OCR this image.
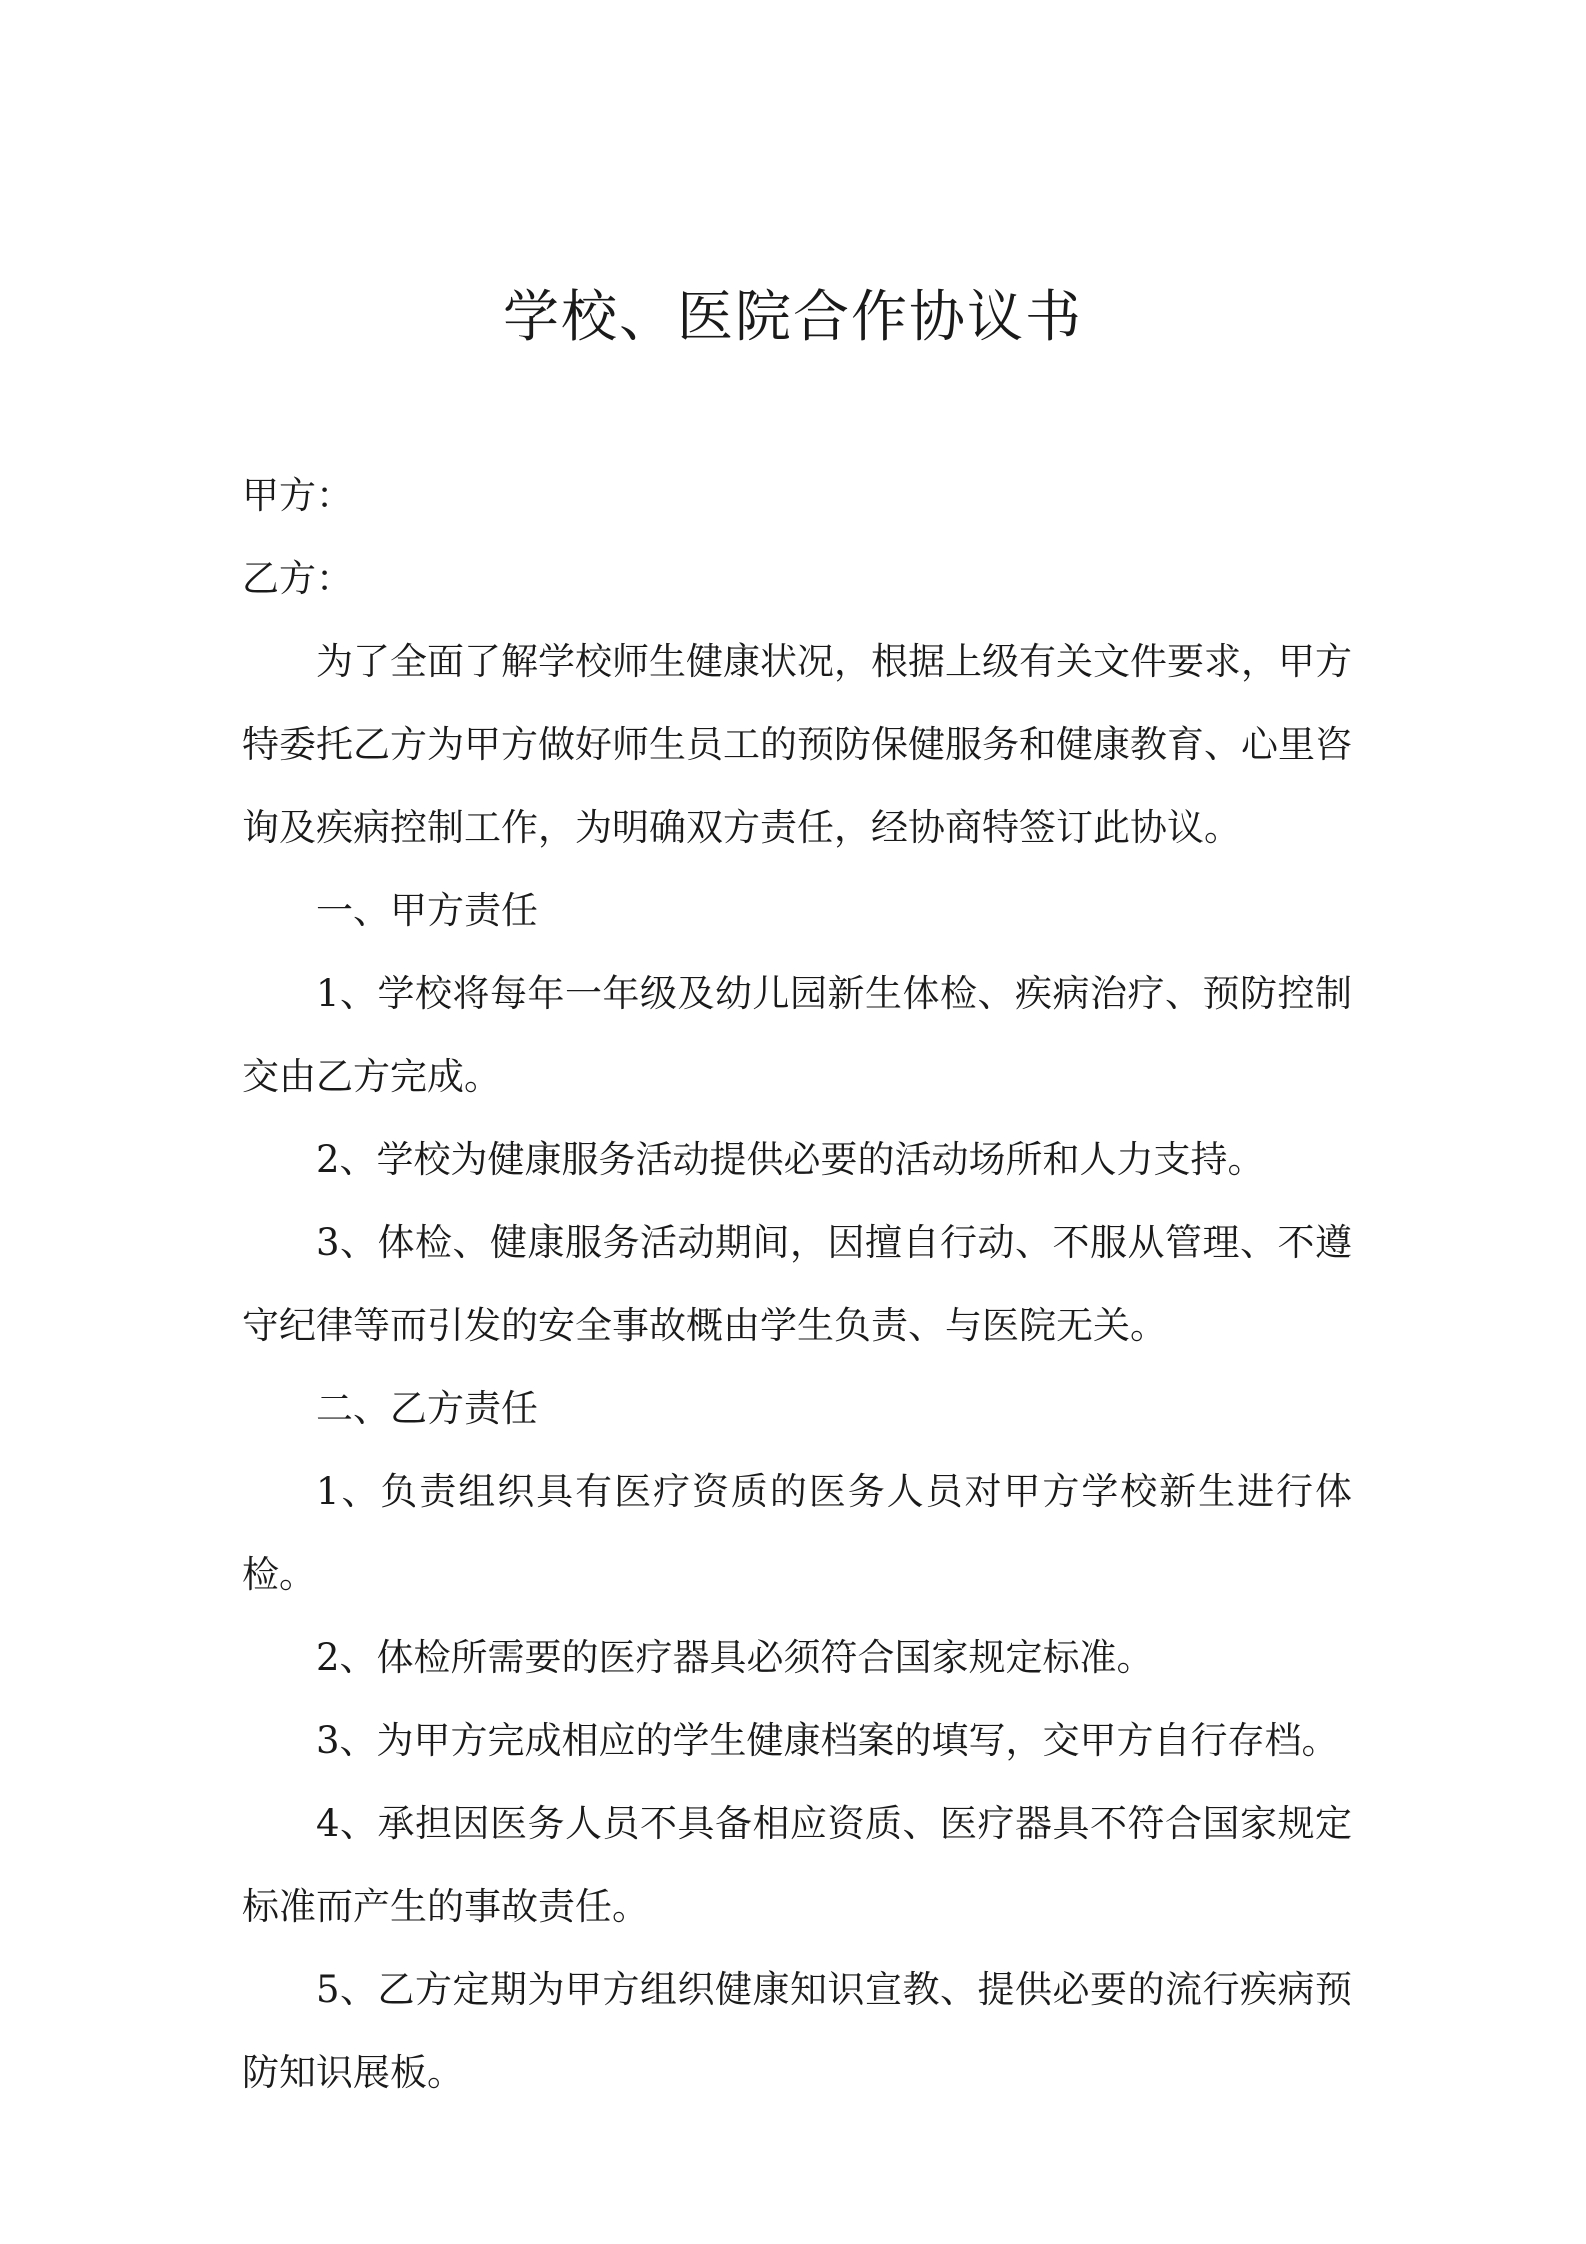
学校、医院合作协议书

甲方：

乙方：

为了全面了解学校师生健康状况，根据上级有关文件要求，甲方特委托乙方为甲方做好师生员工的预防保健服务和健康教育、心里咨询及疾病控制工作，为明确双方责任，经协商特签订此协议。

一、甲方责任

1、学校将每年一年级及幼儿园新生体检、疾病治疗、预防控制交由乙方完成。

2、学校为健康服务活动提供必要的活动场所和人力支持。

3、体检、健康服务活动期间，因擅自行动、不服从管理、不遵守纪律等而引发的安全事故概由学生负责、与医院无关。

二、乙方责任

1、负责组织具有医疗资质的医务人员对甲方学校新生进行体检。

2、体检所需要的医疗器具必须符合国家规定标准。

3、为甲方完成相应的学生健康档案的填写，交甲方自行存档。

4、承担因医务人员不具备相应资质、医疗器具不符合国家规定标准而产生的事故责任。

5、乙方定期为甲方组织健康知识宣教、提供必要的流行疾病预防知识展板。
